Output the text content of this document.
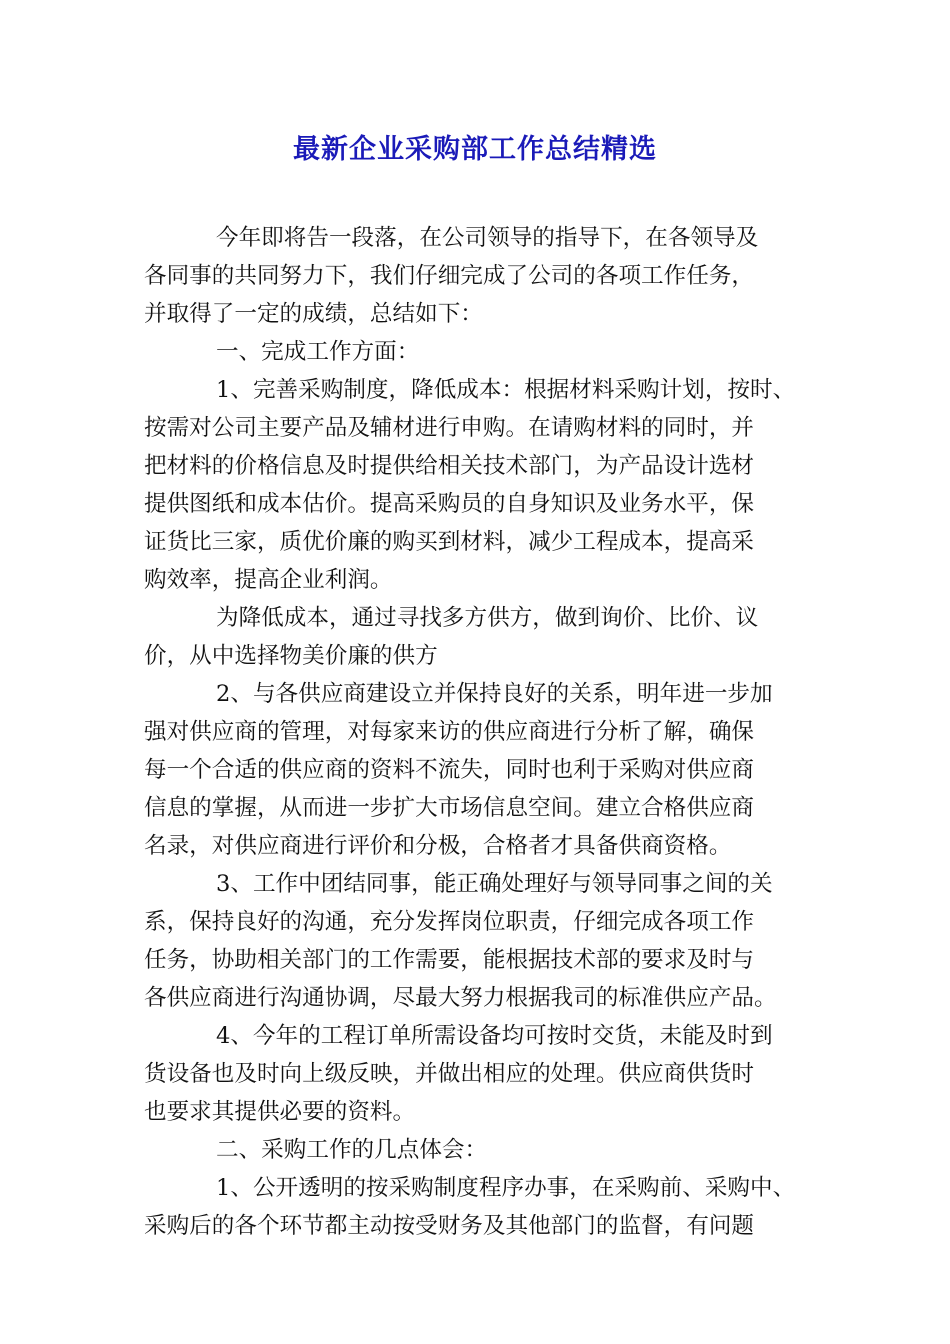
最新企业采购部工作总结精选
今年即将告一段落，在公司领导的指导下，在各领导及
各同事的共同努力下，我们仔细完成了公司的各项工作任务，
并取得了一定的成绩，总结如下：
一、完成工作方面：
1、完善采购制度，降低成本：根据材料采购计划，按时、
按需对公司主要产品及辅材进行申购。在请购材料的同时，并
把材料的价格信息及时提供给相关技术部门，为产品设计选材
提供图纸和成本估价。提高采购员的自身知识及业务水平，保
证货比三家，质优价廉的购买到材料，减少工程成本，提高采
购效率，提高企业利润。
为降低成本，通过寻找多方供方，做到询价、比价、议
价，从中选择物美价廉的供方
2、与各供应商建设立并保持良好的关系，明年进一步加
强对供应商的管理，对每家来访的供应商进行分析了解，确保
每一个合适的供应商的资料不流失，同时也利于采购对供应商
信息的掌握，从而进一步扩大市场信息空间。建立合格供应商
名录，对供应商进行评价和分极，合格者才具备供商资格。
3、工作中团结同事，能正确处理好与领导同事之间的关
系，保持良好的沟通，充分发挥岗位职责，仔细完成各项工作
任务，协助相关部门的工作需要，能根据技术部的要求及时与
各供应商进行沟通协调，尽最大努力根据我司的标准供应产品。
4、今年的工程订单所需设备均可按时交货，未能及时到
货设备也及时向上级反映，并做出相应的处理。供应商供货时
也要求其提供必要的资料。
二、采购工作的几点体会：
1、公开透明的按采购制度程序办事，在采购前、采购中、
采购后的各个环节都主动按受财务及其他部门的监督，有问题
